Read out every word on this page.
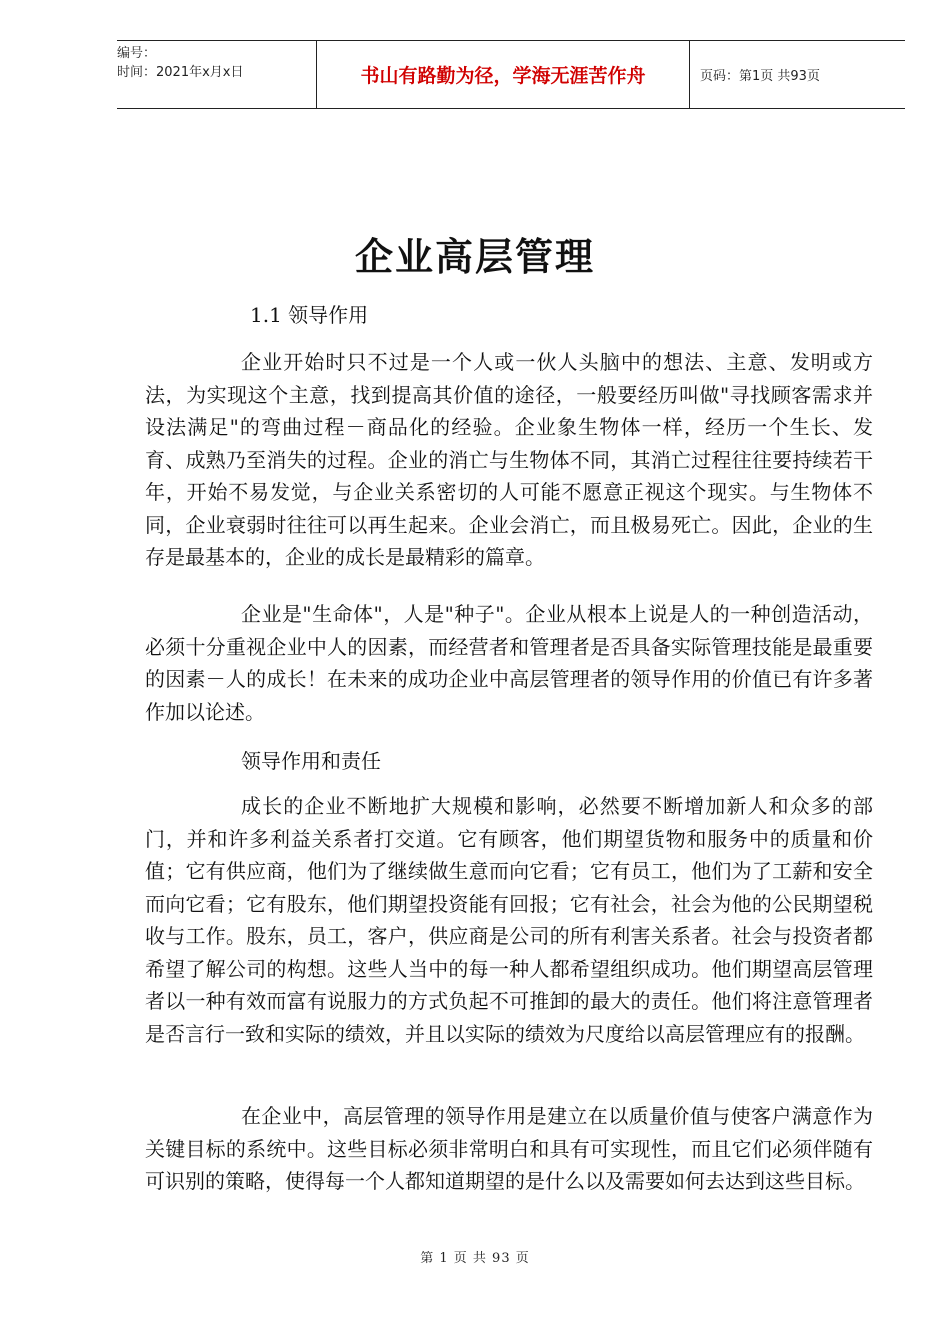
编号：
时间：2021年x月x日	书山有路勤为径，学海无涯苦作舟	页码：第1页 共93页
企业高层管理
1.1 领导作用

企业开始时只不过是一个人或一伙人头脑中的想法、主意、发明或方法，为实现这个主意，找到提高其价值的途径，一般要经历叫做"寻找顾客需求并设法满足"的弯曲过程－商品化的经验。企业象生物体一样，经历一个生长、发育、成熟乃至消失的过程。企业的消亡与生物体不同，其消亡过程往往要持续若干年，开始不易发觉，与企业关系密切的人可能不愿意正视这个现实。与生物体不同，企业衰弱时往往可以再生起来。企业会消亡，而且极易死亡。因此，企业的生存是最基本的，企业的成长是最精彩的篇章。

企业是"生命体"，人是"种子"。企业从根本上说是人的一种创造活动，必须十分重视企业中人的因素，而经营者和管理者是否具备实际管理技能是最重要的因素－人的成长！在未来的成功企业中高层管理者的领导作用的价值已有许多著作加以论述。

领导作用和责任

成长的企业不断地扩大规模和影响，必然要不断增加新人和众多的部门，并和许多利益关系者打交道。它有顾客，他们期望货物和服务中的质量和价值；它有供应商，他们为了继续做生意而向它看；它有员工，他们为了工薪和安全而向它看；它有股东，他们期望投资能有回报；它有社会，社会为他的公民期望税收与工作。股东，员工，客户，供应商是公司的所有利害关系者。社会与投资者都希望了解公司的构想。这些人当中的每一种人都希望组织成功。他们期望高层管理者以一种有效而富有说服力的方式负起不可推卸的最大的责任。他们将注意管理者是否言行一致和实际的绩效，并且以实际的绩效为尺度给以高层管理应有的报酬。

在企业中，高层管理的领导作用是建立在以质量价值与使客户满意作为关键目标的系统中。这些目标必须非常明白和具有可实现性，而且它们必须伴随有可识别的策略，使得每一个人都知道期望的是什么以及需要如何去达到这些目标。

第 1 页 共 93 页
